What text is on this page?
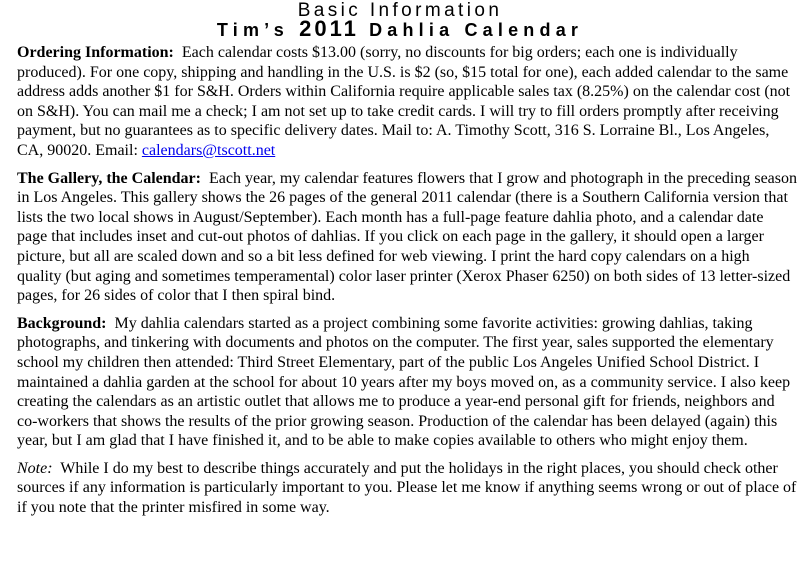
Basic Information
Tim’s 2011 Dahlia Calendar

Ordering Information: Each calendar costs $13.00 (sorry, no discounts for big orders; each one is individually produced). For one copy, shipping and handling in the U.S. is $2 (so, $15 total for one), each added calendar to the same address adds another $1 for S&H. Orders within California require applicable sales tax (8.25%) on the calendar cost (not on S&H). You can mail me a check; I am not set up to take credit cards. I will try to fill orders promptly after receiving payment, but no guarantees as to specific delivery dates. Mail to: A. Timothy Scott, 316 S. Lorraine Bl., Los Angeles, CA, 90020. Email: calendars@tscott.net

The Gallery, the Calendar: Each year, my calendar features flowers that I grow and photograph in the preceding season in Los Angeles. This gallery shows the 26 pages of the general 2011 calendar (there is a Southern California version that lists the two local shows in August/September). Each month has a full-page feature dahlia photo, and a calendar date page that includes inset and cut-out photos of dahlias. If you click on each page in the gallery, it should open a larger picture, but all are scaled down and so a bit less defined for web viewing. I print the hard copy calendars on a high quality (but aging and sometimes temperamental) color laser printer (Xerox Phaser 6250) on both sides of 13 letter-sized pages, for 26 sides of color that I then spiral bind.

Background: My dahlia calendars started as a project combining some favorite activities: growing dahlias, taking photographs, and tinkering with documents and photos on the computer. The first year, sales supported the elementary school my children then attended: Third Street Elementary, part of the public Los Angeles Unified School District. I maintained a dahlia garden at the school for about 10 years after my boys moved on, as a community service. I also keep creating the calendars as an artistic outlet that allows me to produce a year-end personal gift for friends, neighbors and co-workers that shows the results of the prior growing season. Production of the calendar has been delayed (again) this year, but I am glad that I have finished it, and to be able to make copies available to others who might enjoy them.

Note: While I do my best to describe things accurately and put the holidays in the right places, you should check other sources if any information is particularly important to you. Please let me know if anything seems wrong or out of place of if you note that the printer misfired in some way.
